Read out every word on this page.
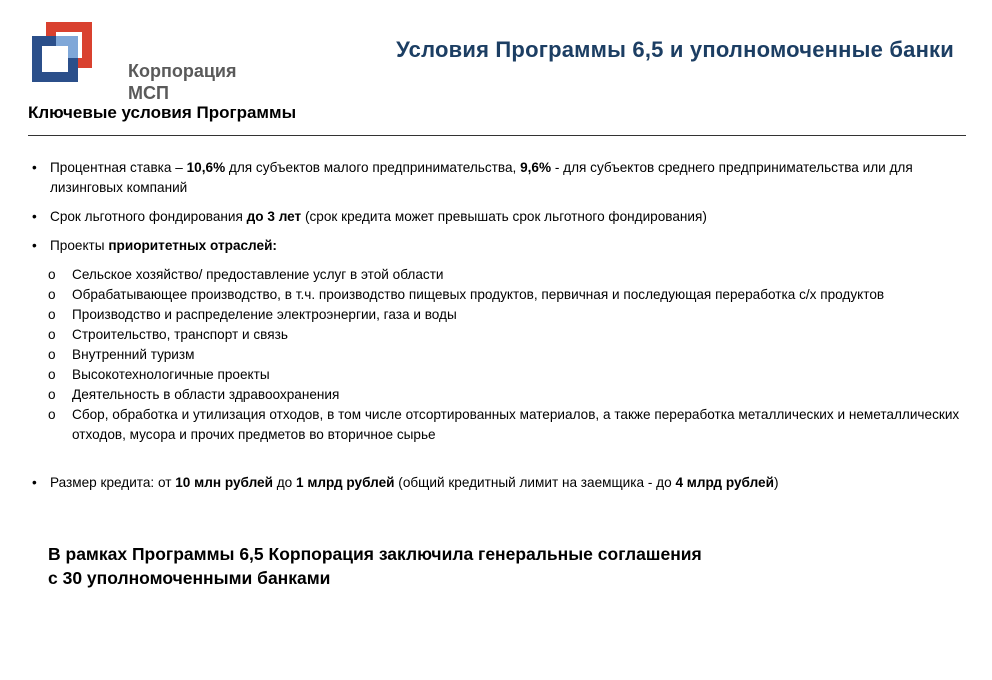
Корпорация
МСП
Условия Программы 6,5 и уполномоченные банки
Ключевые условия Программы
• Процентная ставка – 10,6% для субъектов малого предпринимательства, 9,6% - для субъектов среднего предпринимательства или для лизинговых компаний
• Срок льготного фондирования до 3 лет (срок кредита может превышать срок льготного фондирования)
• Проекты приоритетных отраслей:
o Сельское хозяйство/ предоставление услуг в этой области
o Обрабатывающее производство, в т.ч. производство пищевых продуктов, первичная и последующая переработка с/х продуктов
o Производство и распределение электроэнергии, газа и воды
o Строительство, транспорт и связь
o Внутренний туризм
o Высокотехнологичные проекты
o Деятельность в области здравоохранения
o Сбор, обработка и утилизация отходов, в том числе отсортированных материалов, а также переработка металлических и неметаллических отходов, мусора и прочих предметов во вторичное сырье
• Размер кредита: от 10 млн рублей до 1 млрд рублей (общий кредитный лимит на заемщика - до 4 млрд рублей)
В рамках Программы 6,5 Корпорация заключила генеральные соглашения
с 30 уполномоченными банками
